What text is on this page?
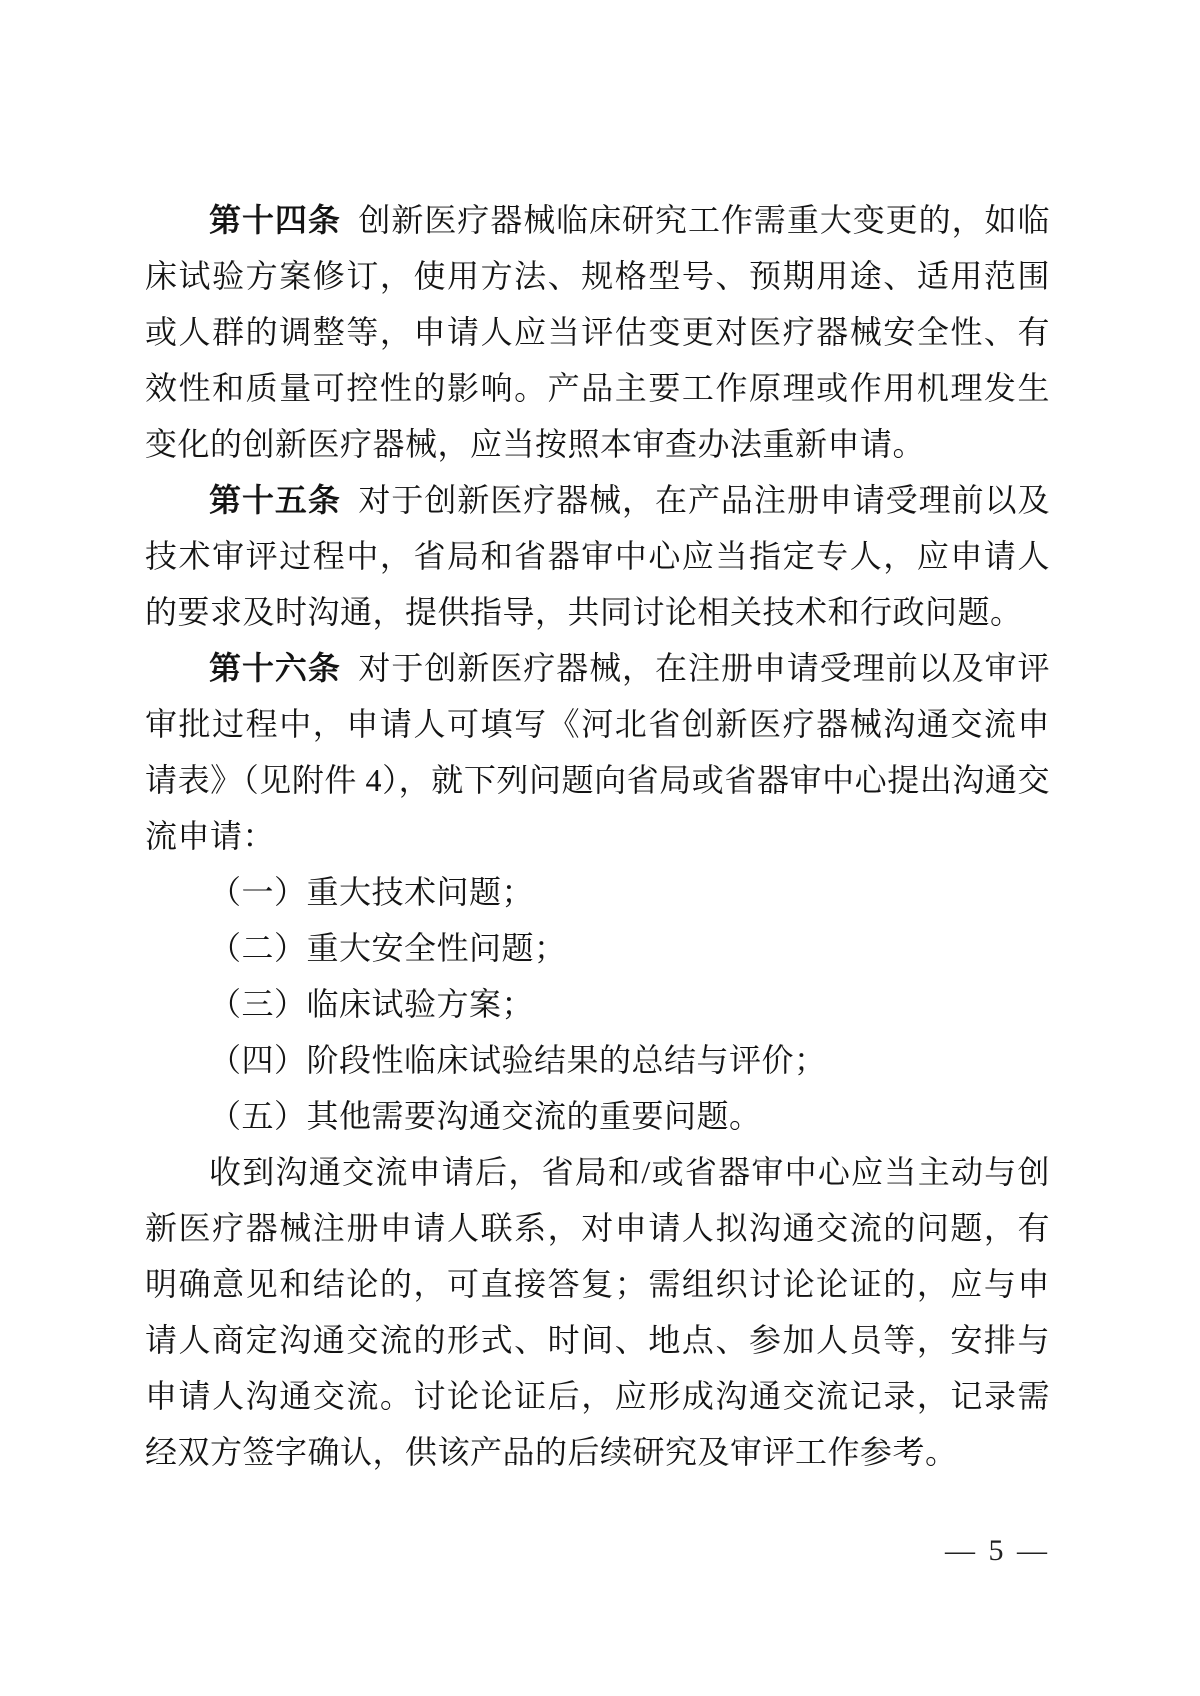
第十四条 创新医疗器械临床研究工作需重大变更的，如临床试验方案修订，使用方法、规格型号、预期用途、适用范围或人群的调整等，申请人应当评估变更对医疗器械安全性、有效性和质量可控性的影响。产品主要工作原理或作用机理发生变化的创新医疗器械，应当按照本审查办法重新申请。

第十五条 对于创新医疗器械，在产品注册申请受理前以及技术审评过程中，省局和省器审中心应当指定专人，应申请人的要求及时沟通，提供指导，共同讨论相关技术和行政问题。

第十六条 对于创新医疗器械，在注册申请受理前以及审评审批过程中，申请人可填写《河北省创新医疗器械沟通交流申请表》（见附件 4），就下列问题向省局或省器审中心提出沟通交流申请：

（一）重大技术问题；

（二）重大安全性问题；

（三）临床试验方案；

（四）阶段性临床试验结果的总结与评价；

（五）其他需要沟通交流的重要问题。

收到沟通交流申请后，省局和/或省器审中心应当主动与创新医疗器械注册申请人联系，对申请人拟沟通交流的问题，有明确意见和结论的，可直接答复；需组织讨论论证的，应与申请人商定沟通交流的形式、时间、地点、参加人员等，安排与申请人沟通交流。讨论论证后，应形成沟通交流记录，记录需经双方签字确认，供该产品的后续研究及审评工作参考。

— 5 —
